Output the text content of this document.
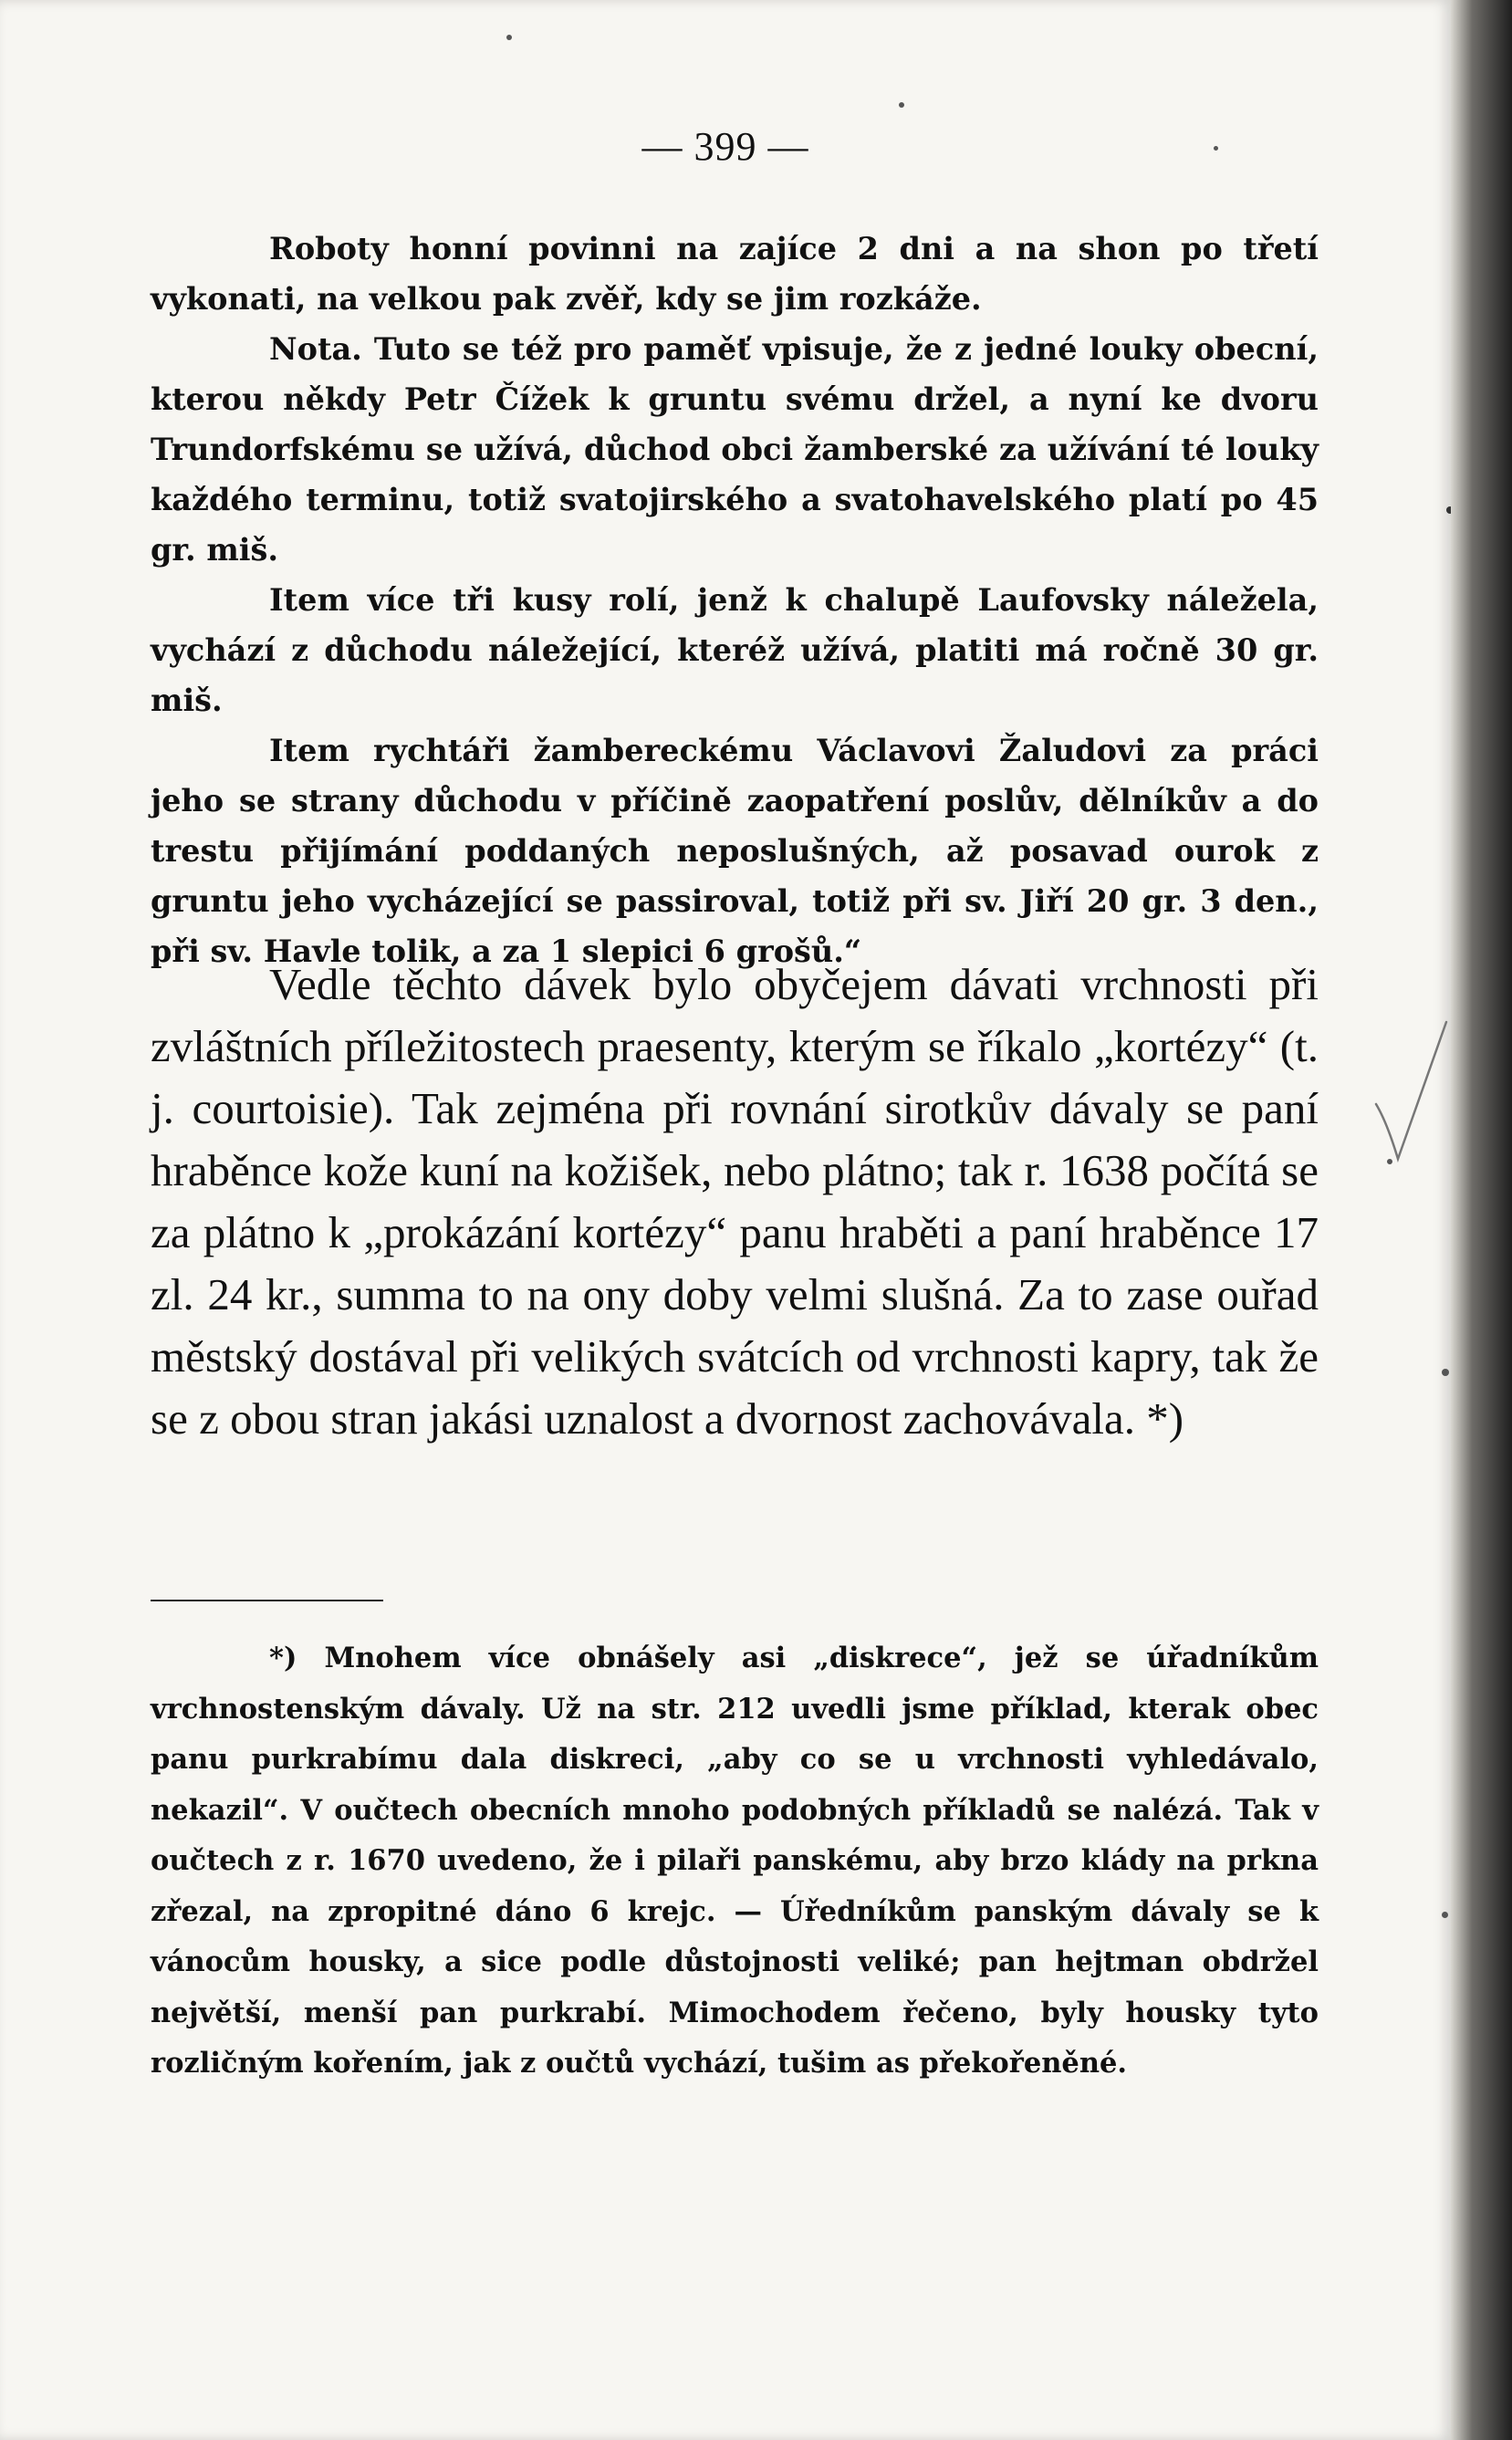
— 399 —

Roboty honní povinni na zajíce 2 dni a na shon po třetí vykonati, na velkou pak zvěř, kdy se jim rozkáže.

Nota. Tuto se též pro paměť vpisuje, že z jedné louky obecní, kterou někdy Petr Čížek k gruntu svému držel, a nyní ke dvoru Trundorfskému se užívá, důchod obci žamberské za užívání té louky každého terminu, totiž svatojirského a svatohavelského platí po 45 gr. miš.

Item více tři kusy rolí, jenž k chalupě Laufovsky náležela, vychází z důchodu náležející, kteréž užívá, platiti má ročně 30 gr. miš.

Item rychtáři žamberеckému Václavovi Žaludovi za práci jeho se strany důchodu v příčině zaopatření poslův, dělníkův a do trestu přijímání poddaných neposlušných, až posavad ourok z gruntu jeho vycházející se passiroval, totiž při sv. Jiří 20 gr. 3 den., při sv. Havle tolik, a za 1 slepici 6 grošů.“

Vedle těchto dávek bylo obyčejem dávati vrchnosti při zvláštních příležitostech praesenty, kterým se říkalo „kortézy“ (t. j. courtoisie). Tak zejména při rovnání sirotkův dávaly se paní hraběnce kože kuní na kožišek, nebo plátno; tak r. 1638 počítá se za plátno k „prokázání kortézy“ panu hraběti a paní hraběnce 17 zl. 24 kr., summa to na ony doby velmi slušná. Za to zase ouřad městský dostával při velikých svátcích od vrchnosti kapry, tak že se z obou stran jakási uznalost a dvornost zachovávala. *)

*) Mnohem více obnášely asi „diskrece“, jež se úřadníkům vrchnostenským dávaly. Už na str. 212 uvedli jsme příklad, kterak obec panu purkrabímu dala diskreci, „aby co se u vrchnosti vyhledávalo, nekazil“. V oučtech obecních mnoho podobných příkladů se nalézá. Tak v oučtech z r. 1670 uvedeno, že i pilaři panskému, aby brzo klády na prkna zřezal, na zpropitné dáno 6 krejc. — Úředníkům panským dávaly se k vánocům housky, a sice podle důstojnosti veliké; pan hejtman obdržel největší, menší pan purkrabí. Mimochodem řečeno, byly housky tyto rozličným kořením, jak z oučtů vychází, tušim as překořeněné.
